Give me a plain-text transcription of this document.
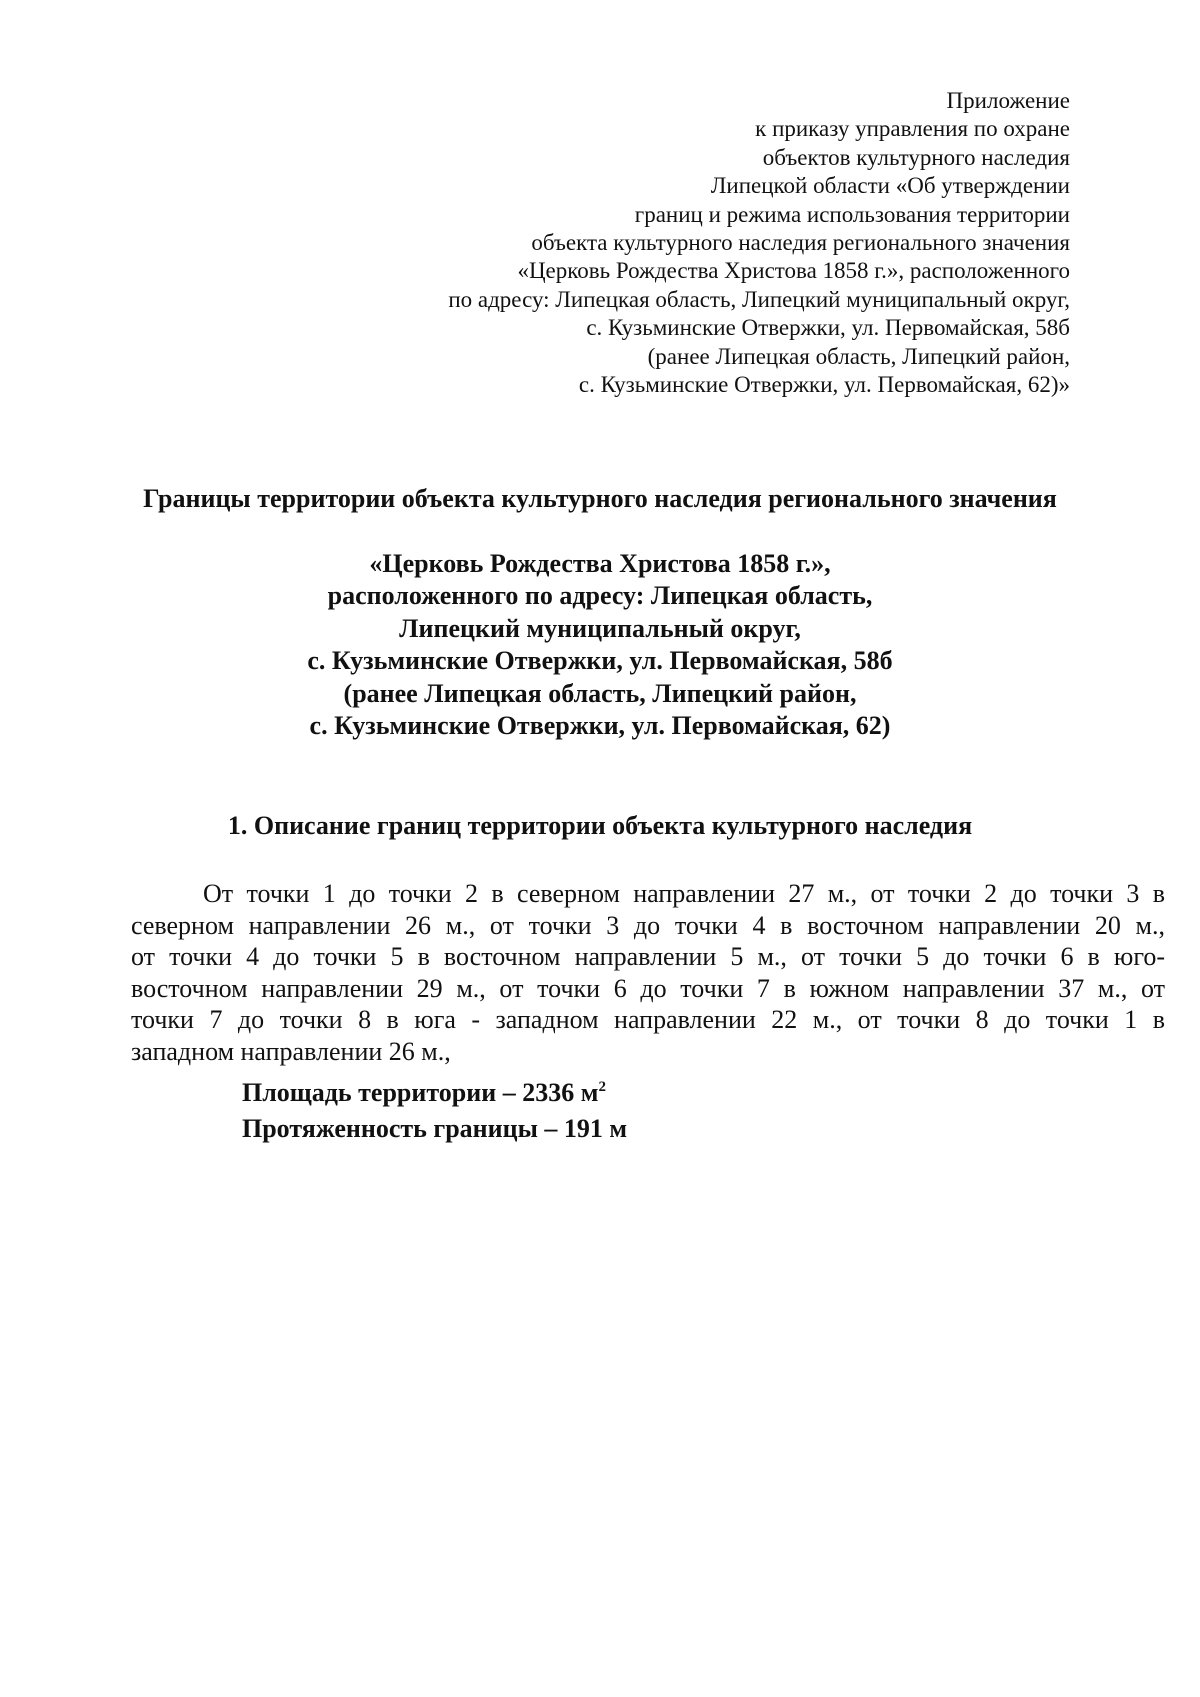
Приложение
к приказу управления по охране
объектов культурного наследия
Липецкой области «Об утверждении
границ и режима использования территории
объекта культурного наследия регионального значения
«Церковь Рождества Христова 1858 г.», расположенного
по адресу: Липецкая область, Липецкий муниципальный округ,
с. Кузьминские Отвержки, ул. Первомайская, 58б
(ранее Липецкая область, Липецкий район,
с. Кузьминские Отвержки, ул. Первомайская, 62)»
Границы территории объекта культурного наследия регионального значения
«Церковь Рождества Христова 1858 г.»,
расположенного по адресу: Липецкая область,
Липецкий муниципальный округ,
с. Кузьминские Отвержки, ул. Первомайская, 58б
(ранее Липецкая область, Липецкий район,
с. Кузьминские Отвержки, ул. Первомайская, 62)
1. Описание границ территории объекта культурного наследия
От точки 1 до точки 2 в северном направлении 27 м., от точки 2 до точки 3 в
северном направлении 26 м., от точки 3 до точки 4 в восточном направлении 20 м.,
от точки 4 до точки 5 в восточном направлении 5 м., от точки 5 до точки 6 в юго-
восточном направлении 29 м., от точки 6 до точки 7 в южном направлении 37 м., от
точки 7 до точки 8 в юга - западном направлении 22 м., от точки 8 до точки 1 в
западном направлении 26 м.,
Площадь территории – 2336 $м^2$
Протяженность границы – 191 м
